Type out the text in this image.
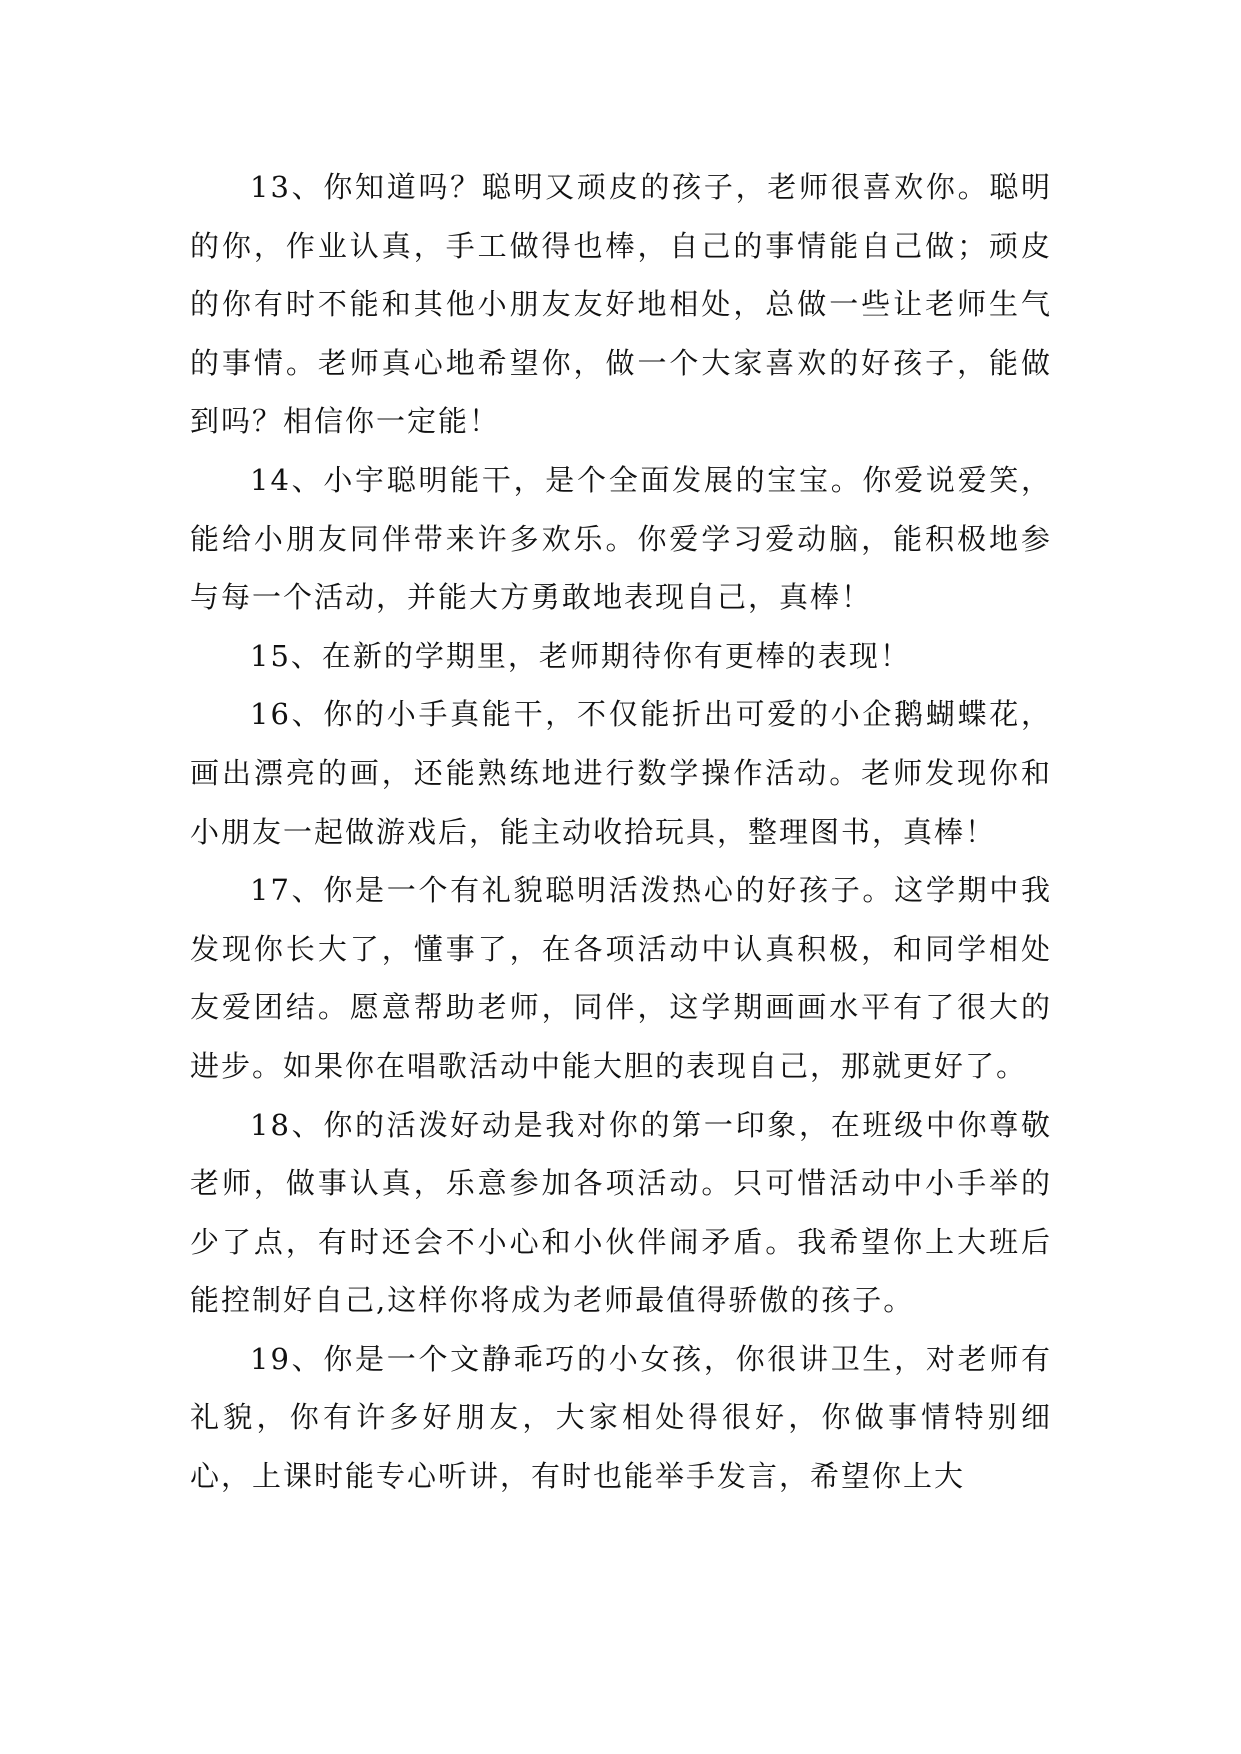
13、你知道吗？聪明又顽皮的孩子，老师很喜欢你。聪明的你，作业认真，手工做得也棒，自己的事情能自己做；顽皮的你有时不能和其他小朋友友好地相处，总做一些让老师生气的事情。老师真心地希望你，做一个大家喜欢的好孩子，能做到吗？相信你一定能！

14、小宇聪明能干，是个全面发展的宝宝。你爱说爱笑，能给小朋友同伴带来许多欢乐。你爱学习爱动脑，能积极地参与每一个活动，并能大方勇敢地表现自己，真棒！

15、在新的学期里，老师期待你有更棒的表现！

16、你的小手真能干，不仅能折出可爱的小企鹅蝴蝶花，画出漂亮的画，还能熟练地进行数学操作活动。老师发现你和小朋友一起做游戏后，能主动收拾玩具，整理图书，真棒！

17、你是一个有礼貌聪明活泼热心的好孩子。这学期中我发现你长大了，懂事了，在各项活动中认真积极，和同学相处友爱团结。愿意帮助老师，同伴，这学期画画水平有了很大的进步。如果你在唱歌活动中能大胆的表现自己，那就更好了。

18、你的活泼好动是我对你的第一印象，在班级中你尊敬老师，做事认真，乐意参加各项活动。只可惜活动中小手举的少了点，有时还会不小心和小伙伴闹矛盾。我希望你上大班后能控制好自己,这样你将成为老师最值得骄傲的孩子。

19、你是一个文静乖巧的小女孩，你很讲卫生，对老师有礼貌，你有许多好朋友，大家相处得很好，你做事情特别细心，上课时能专心听讲，有时也能举手发言，希望你上大
